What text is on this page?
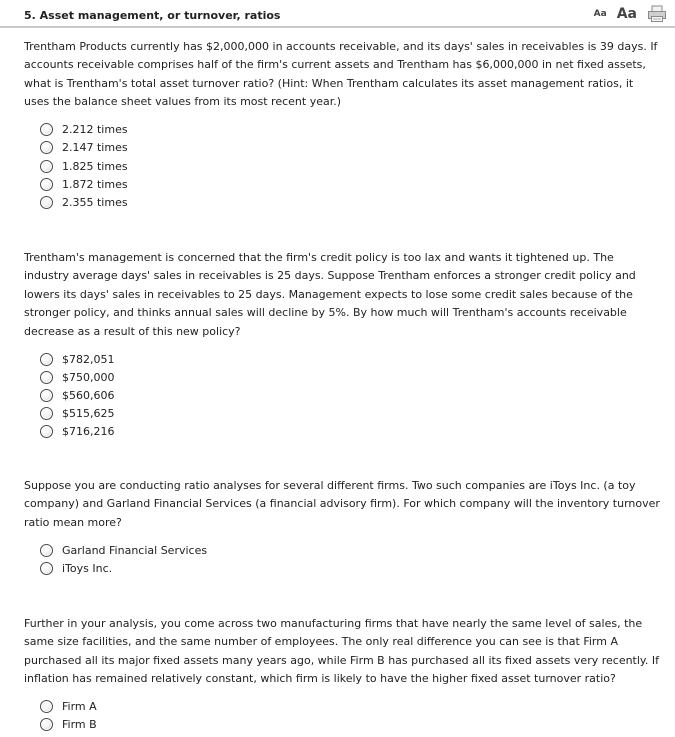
5. Asset management, or turnover, ratios	Aa Aa

Trentham Products currently has $2,000,000 in accounts receivable, and its days' sales in receivables is 39 days. If accounts receivable comprises half of the firm's current assets and Trentham has $6,000,000 in net fixed assets, what is Trentham's total asset turnover ratio? (Hint: When Trentham calculates its asset management ratios, it uses the balance sheet values from its most recent year.)

2.212 times
2.147 times
1.825 times
1.872 times
2.355 times

Trentham's management is concerned that the firm's credit policy is too lax and wants it tightened up. The industry average days' sales in receivables is 25 days. Suppose Trentham enforces a stronger credit policy and lowers its days' sales in receivables to 25 days. Management expects to lose some credit sales because of the stronger policy, and thinks annual sales will decline by 5%. By how much will Trentham's accounts receivable decrease as a result of this new policy?

$782,051
$750,000
$560,606
$515,625
$716,216

Suppose you are conducting ratio analyses for several different firms. Two such companies are iToys Inc. (a toy company) and Garland Financial Services (a financial advisory firm). For which company will the inventory turnover ratio mean more?

Garland Financial Services
iToys Inc.

Further in your analysis, you come across two manufacturing firms that have nearly the same level of sales, the same size facilities, and the same number of employees. The only real difference you can see is that Firm A purchased all its major fixed assets many years ago, while Firm B has purchased all its fixed assets very recently. If inflation has remained relatively constant, which firm is likely to have the higher fixed asset turnover ratio?

Firm A
Firm B
